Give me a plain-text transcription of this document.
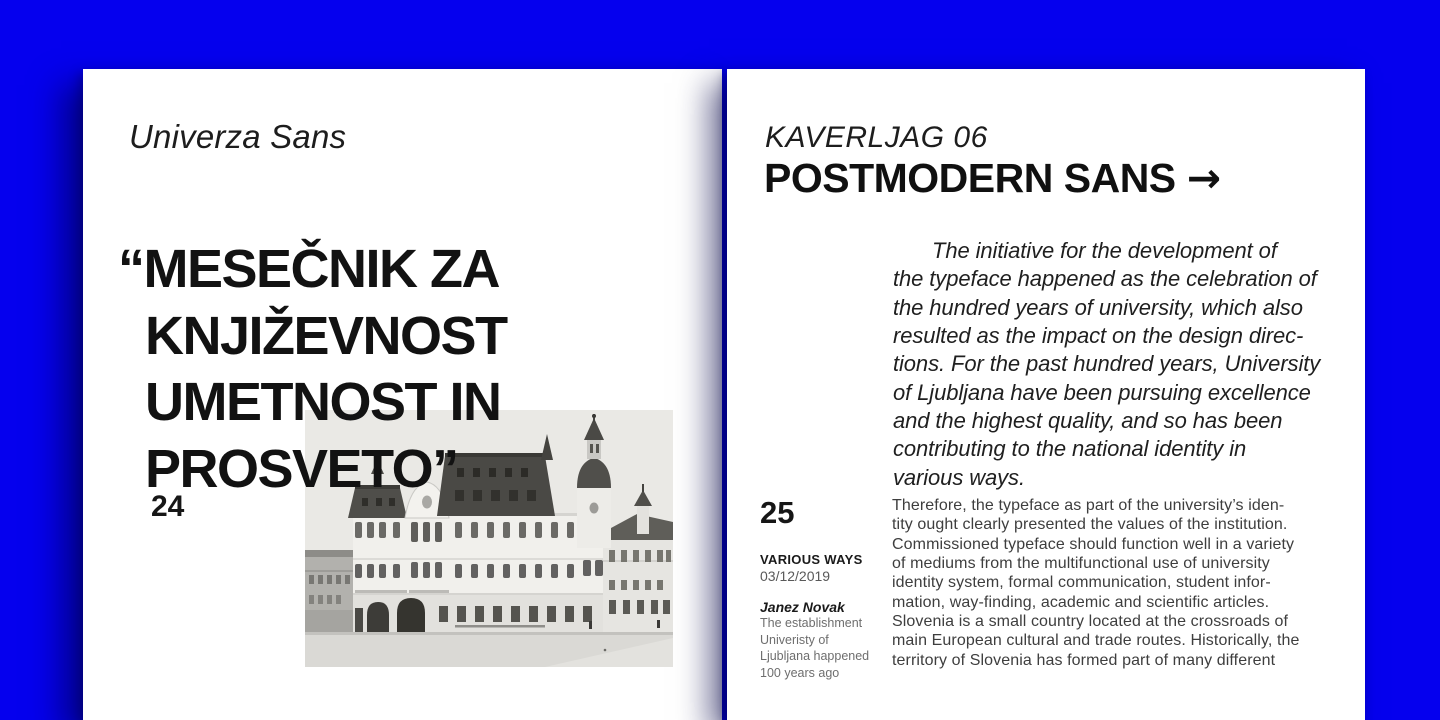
Univerza Sans
“MESEČNIK ZA
KNJIŽEVNOST
UMETNOST IN
PROSVETO”
24
KAVERLJAG 06
POSTMODERN SANS →
The initiative for the development of
the typeface happened as the celebration of
the hundred years of university, which also
resulted as the impact on the design direc-
tions. For the past hundred years, University
of Ljubljana have been pursuing excellence
and the highest quality, and so has been
contributing to the national identity in
various ways.
25
VARIOUS WAYS
03/12/2019
Janez Novak
The establishment
Univeristy of
Ljubljana happened
100 years ago
Therefore, the typeface as part of the university’s iden-
tity ought clearly presented the values of the institution.
Commissioned typeface should function well in a variety
of mediums from the multifunctional use of university
identity system, formal communication, student infor-
mation, way-finding, academic and scientific articles.
Slovenia is a small country located at the crossroads of
main European cultural and trade routes. Historically, the
territory of Slovenia has formed part of many different
